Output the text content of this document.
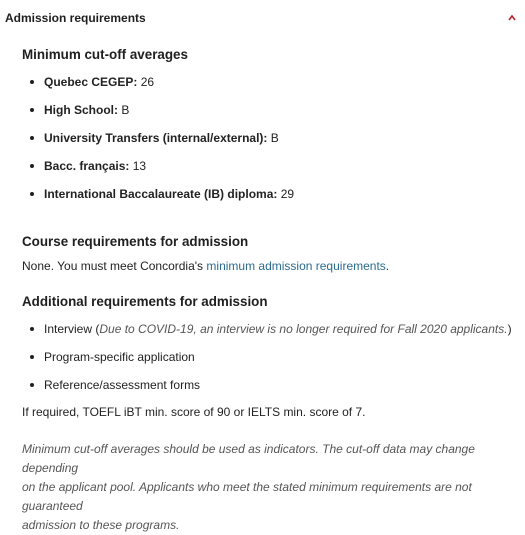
Admission requirements
Minimum cut-off averages
Quebec CEGEP: 26
High School: B
University Transfers (internal/external): B
Bacc. français: 13
International Baccalaureate (IB) diploma: 29
Course requirements for admission

None. You must meet Concordia's minimum admission requirements.

Additional requirements for admission
Interview (Due to COVID-19, an interview is no longer required for Fall 2020 applicants.)
Program-specific application
Reference/assessment forms

If required, TOEFL iBT min. score of 90 or IELTS min. score of 7.

Minimum cut-off averages should be used as indicators. The cut-off data may change depending
on the applicant pool. Applicants who meet the stated minimum requirements are not guaranteed
admission to these programs.
